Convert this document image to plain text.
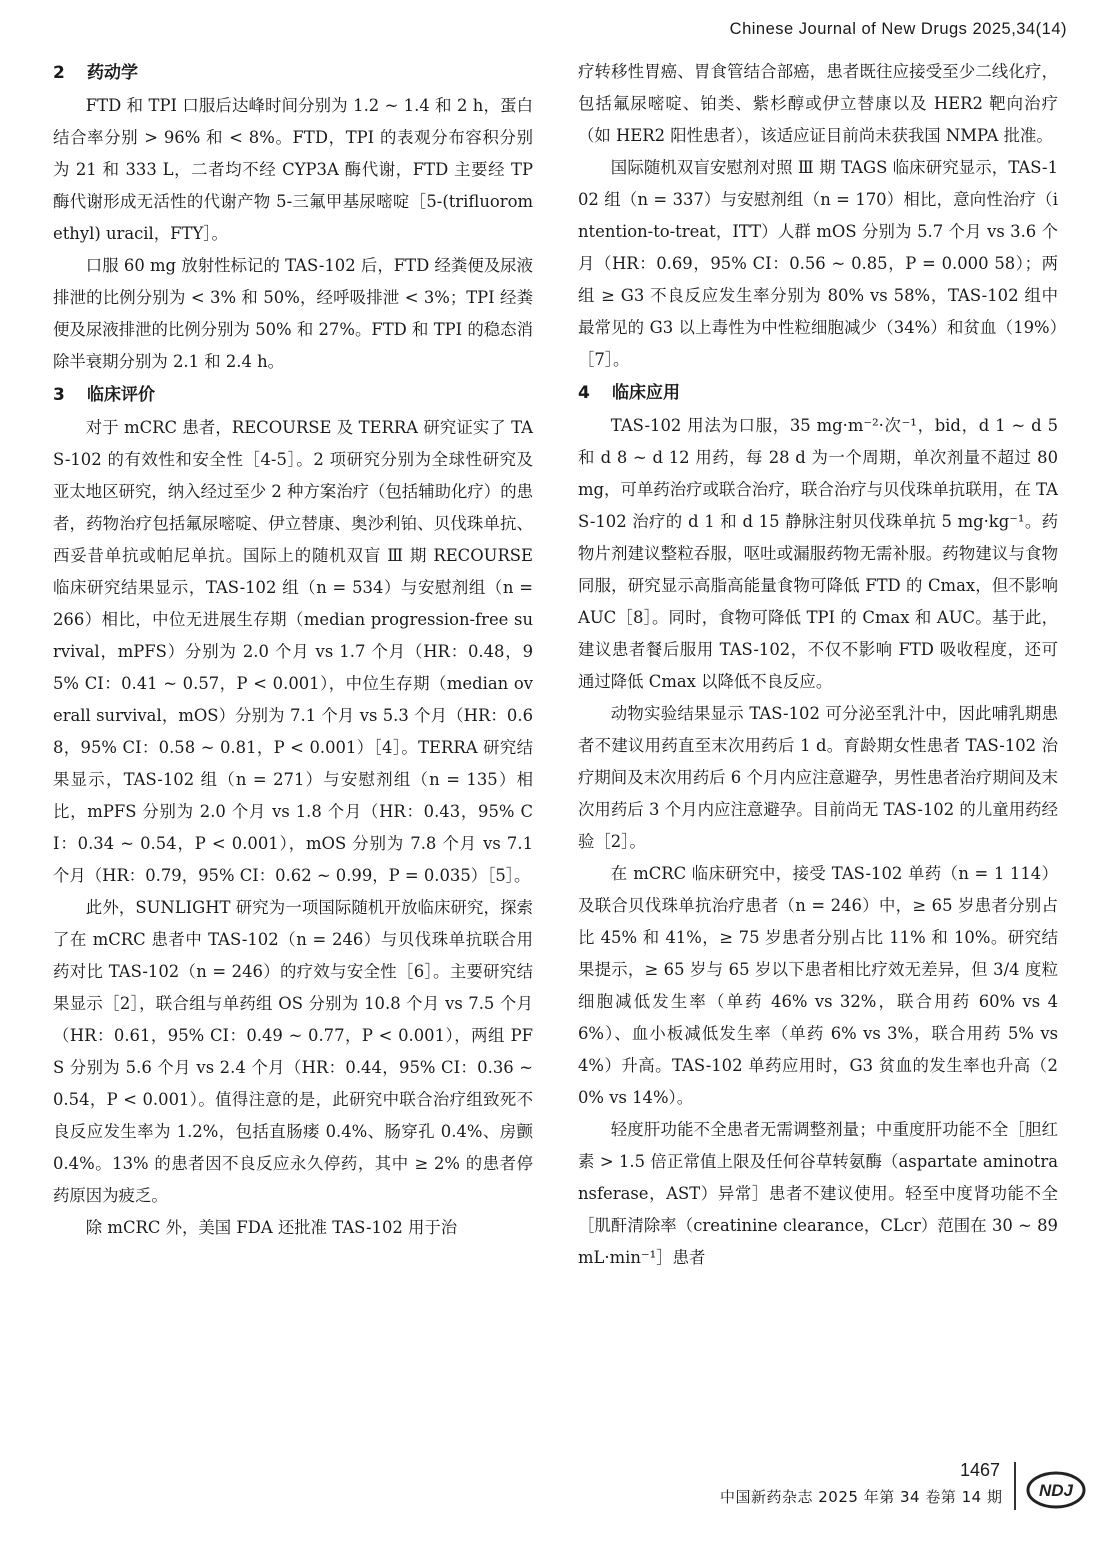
Chinese Journal of New Drugs 2025,34(14)
2 药动学

FTD 和 TPI 口服后达峰时间分别为 1.2 ~ 1.4 和 2 h，蛋白结合率分别 > 96% 和 < 8%。FTD，TPI 的表观分布容积分别为 21 和 333 L，二者均不经 CYP3A 酶代谢，FTD 主要经 TP 酶代谢形成无活性的代谢产物 5-三氟甲基尿嘧啶［5-(trifluoromethyl) uracil，FTY］。

口服 60 mg 放射性标记的 TAS-102 后，FTD 经粪便及尿液排泄的比例分别为 < 3% 和 50%，经呼吸排泄 < 3%；TPI 经粪便及尿液排泄的比例分别为 50% 和 27%。FTD 和 TPI 的稳态消除半衰期分别为 2.1 和 2.4 h。

3 临床评价

对于 mCRC 患者，RECOURSE 及 TERRA 研究证实了 TAS-102 的有效性和安全性［4-5］。2 项研究分别为全球性研究及亚太地区研究，纳入经过至少 2 种方案治疗（包括辅助化疗）的患者，药物治疗包括氟尿嘧啶、伊立替康、奥沙利铂、贝伐珠单抗、西妥昔单抗或帕尼单抗。国际上的随机双盲 Ⅲ 期 RECOURSE 临床研究结果显示，TAS-102 组（n = 534）与安慰剂组（n = 266）相比，中位无进展生存期（median progression-free survival，mPFS）分别为 2.0 个月 vs 1.7 个月（HR：0.48，95% CI：0.41 ~ 0.57，P < 0.001），中位生存期（median overall survival，mOS）分别为 7.1 个月 vs 5.3 个月（HR：0.68，95% CI：0.58 ~ 0.81，P < 0.001）［4］。TERRA 研究结果显示，TAS-102 组（n = 271）与安慰剂组（n = 135）相比，mPFS 分别为 2.0 个月 vs 1.8 个月（HR：0.43，95% CI：0.34 ~ 0.54，P < 0.001），mOS 分别为 7.8 个月 vs 7.1 个月（HR：0.79，95% CI：0.62 ~ 0.99，P = 0.035）［5］。

此外，SUNLIGHT 研究为一项国际随机开放临床研究，探索了在 mCRC 患者中 TAS-102（n = 246）与贝伐珠单抗联合用药对比 TAS-102（n = 246）的疗效与安全性［6］。主要研究结果显示［2］，联合组与单药组 OS 分别为 10.8 个月 vs 7.5 个月（HR：0.61，95% CI：0.49 ~ 0.77，P < 0.001），两组 PFS 分别为 5.6 个月 vs 2.4 个月（HR：0.44，95% CI：0.36 ~ 0.54，P < 0.001）。值得注意的是，此研究中联合治疗组致死不良反应发生率为 1.2%，包括直肠瘘 0.4%、肠穿孔 0.4%、房颤 0.4%。13% 的患者因不良反应永久停药，其中 ≥ 2% 的患者停药原因为疲乏。

除 mCRC 外，美国 FDA 还批准 TAS-102 用于治

疗转移性胃癌、胃食管结合部癌，患者既往应接受至少二线化疗，包括氟尿嘧啶、铂类、紫杉醇或伊立替康以及 HER2 靶向治疗（如 HER2 阳性患者），该适应证目前尚未获我国 NMPA 批准。

国际随机双盲安慰剂对照 Ⅲ 期 TAGS 临床研究显示，TAS-102 组（n = 337）与安慰剂组（n = 170）相比，意向性治疗（intention-to-treat，ITT）人群 mOS 分别为 5.7 个月 vs 3.6 个月（HR：0.69，95% CI：0.56 ~ 0.85，P = 0.000 58）；两组 ≥ G3 不良反应发生率分别为 80% vs 58%，TAS-102 组中最常见的 G3 以上毒性为中性粒细胞减少（34%）和贫血（19%）［7］。

4 临床应用

TAS-102 用法为口服，35 mg·m⁻²·次⁻¹，bid，d 1 ~ d 5 和 d 8 ~ d 12 用药，每 28 d 为一个周期，单次剂量不超过 80 mg，可单药治疗或联合治疗，联合治疗与贝伐珠单抗联用，在 TAS-102 治疗的 d 1 和 d 15 静脉注射贝伐珠单抗 5 mg·kg⁻¹。药物片剂建议整粒吞服，呕吐或漏服药物无需补服。药物建议与食物同服，研究显示高脂高能量食物可降低 FTD 的 Cmax，但不影响 AUC［8］。同时，食物可降低 TPI 的 Cmax 和 AUC。基于此，建议患者餐后服用 TAS-102，不仅不影响 FTD 吸收程度，还可通过降低 Cmax 以降低不良反应。

动物实验结果显示 TAS-102 可分泌至乳汁中，因此哺乳期患者不建议用药直至末次用药后 1 d。育龄期女性患者 TAS-102 治疗期间及末次用药后 6 个月内应注意避孕，男性患者治疗期间及末次用药后 3 个月内应注意避孕。目前尚无 TAS-102 的儿童用药经验［2］。

在 mCRC 临床研究中，接受 TAS-102 单药（n = 1 114）及联合贝伐珠单抗治疗患者（n = 246）中，≥ 65 岁患者分别占比 45% 和 41%，≥ 75 岁患者分别占比 11% 和 10%。研究结果提示，≥ 65 岁与 65 岁以下患者相比疗效无差异，但 3/4 度粒细胞减低发生率（单药 46% vs 32%，联合用药 60% vs 46%）、血小板减低发生率（单药 6% vs 3%，联合用药 5% vs 4%）升高。TAS-102 单药应用时，G3 贫血的发生率也升高（20% vs 14%）。

轻度肝功能不全患者无需调整剂量；中重度肝功能不全［胆红素 > 1.5 倍正常值上限及任何谷草转氨酶（aspartate aminotransferase，AST）异常］患者不建议使用。轻至中度肾功能不全［肌酐清除率（creatinine clearance，CLcr）范围在 30 ~ 89 mL·min⁻¹］患者

1467
中国新药杂志 2025 年第 34 卷第 14 期 NDJ
